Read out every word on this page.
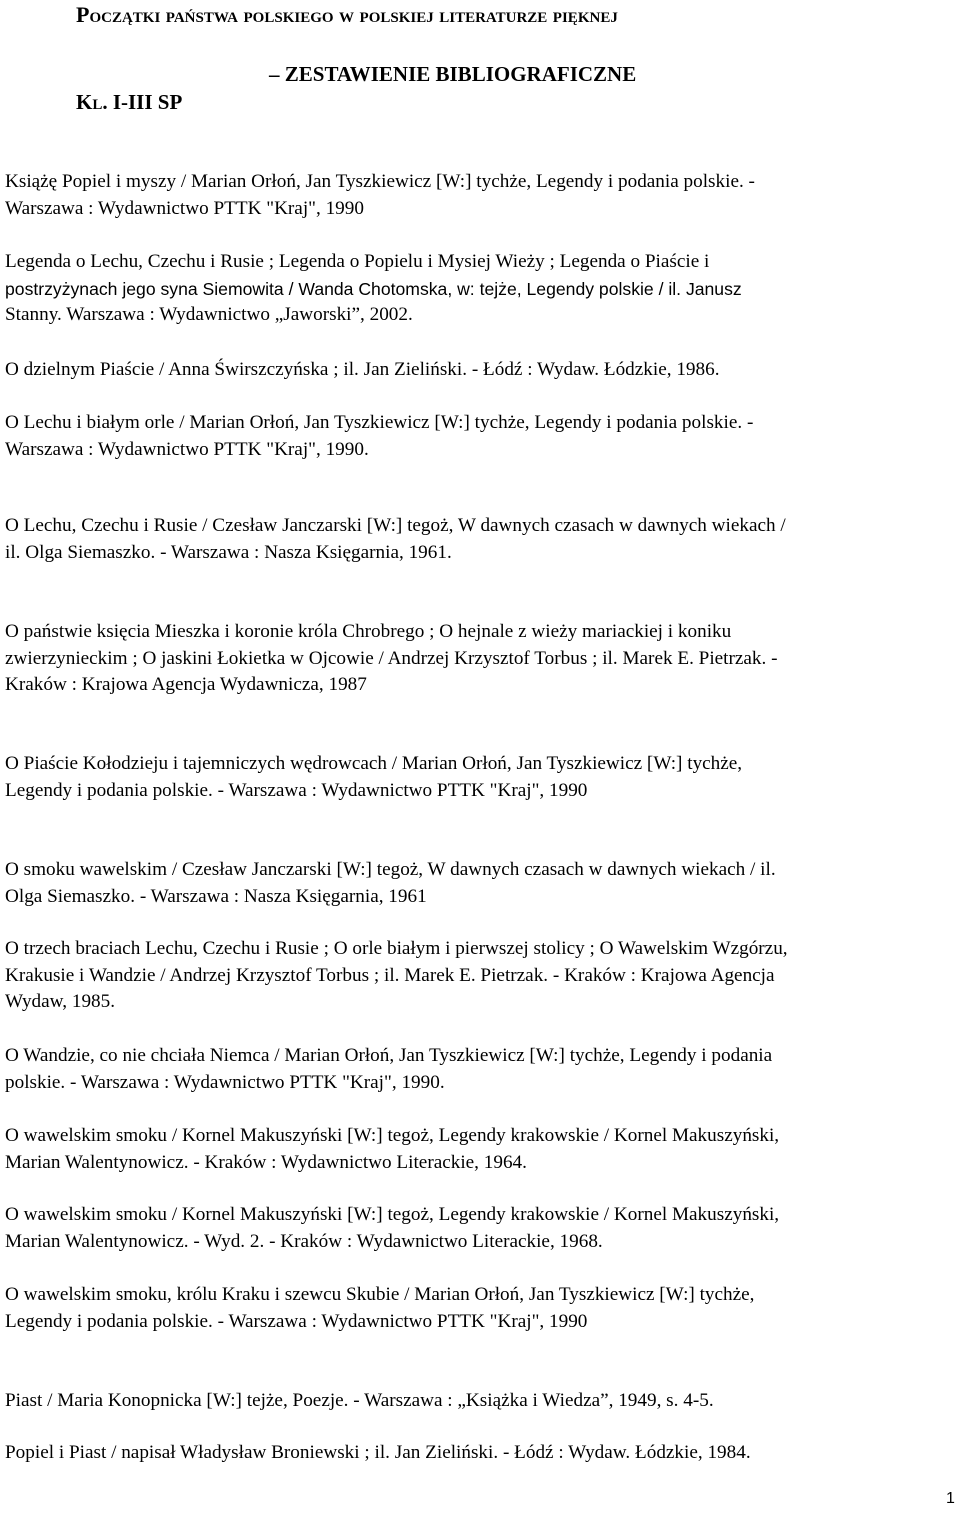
Początki państwa polskiego w polskiej literaturze pięknej
– ZESTAWIENIE BIBLIOGRAFICZNE
Kl. I-III SP
Książę Popiel i myszy / Marian Orłoń, Jan Tyszkiewicz [W:] tychże, Legendy i podania polskie. -
Warszawa : Wydawnictwo PTTK "Kraj", 1990
Legenda o Lechu, Czechu i Rusie ; Legenda o Popielu i Mysiej Wieży ; Legenda o Piaście i
postrzyżynach jego syna Siemowita / Wanda Chotomska, w: tejże, Legendy polskie / il. Janusz
Stanny. Warszawa : Wydawnictwo „Jaworski”, 2002.
O dzielnym Piaście / Anna Świrszczyńska ; il. Jan Zieliński. - Łódź : Wydaw. Łódzkie, 1986.
O Lechu i białym orle / Marian Orłoń, Jan Tyszkiewicz [W:] tychże, Legendy i podania polskie. -
Warszawa : Wydawnictwo PTTK "Kraj", 1990.
O Lechu, Czechu i Rusie / Czesław Janczarski [W:] tegoż, W dawnych czasach w dawnych wiekach /
il. Olga Siemaszko. - Warszawa : Nasza Księgarnia, 1961.
O państwie księcia Mieszka i koronie króla Chrobrego ; O hejnale z wieży mariackiej i koniku
zwierzynieckim ; O jaskini Łokietka w Ojcowie / Andrzej Krzysztof Torbus ; il. Marek E. Pietrzak. -
Kraków : Krajowa Agencja Wydawnicza, 1987
O Piaście Kołodzieju i tajemniczych wędrowcach / Marian Orłoń, Jan Tyszkiewicz [W:] tychże,
Legendy i podania polskie. - Warszawa : Wydawnictwo PTTK "Kraj", 1990
O smoku wawelskim / Czesław Janczarski [W:] tegoż, W dawnych czasach w dawnych wiekach / il.
Olga Siemaszko. - Warszawa : Nasza Księgarnia, 1961
O trzech braciach Lechu, Czechu i Rusie ; O orle białym i pierwszej stolicy ; O Wawelskim Wzgórzu,
Krakusie i Wandzie / Andrzej Krzysztof Torbus ; il. Marek E. Pietrzak. - Kraków : Krajowa Agencja
Wydaw, 1985.
O Wandzie, co nie chciała Niemca / Marian Orłoń, Jan Tyszkiewicz [W:] tychże, Legendy i podania
polskie. - Warszawa : Wydawnictwo PTTK "Kraj", 1990.
O wawelskim smoku / Kornel Makuszyński [W:] tegoż, Legendy krakowskie / Kornel Makuszyński,
Marian Walentynowicz. - Kraków : Wydawnictwo Literackie, 1964.
O wawelskim smoku / Kornel Makuszyński [W:] tegoż, Legendy krakowskie / Kornel Makuszyński,
Marian Walentynowicz. - Wyd. 2. - Kraków : Wydawnictwo Literackie, 1968.
O wawelskim smoku, królu Kraku i szewcu Skubie / Marian Orłoń, Jan Tyszkiewicz [W:] tychże,
Legendy i podania polskie. - Warszawa : Wydawnictwo PTTK "Kraj", 1990
Piast / Maria Konopnicka [W:] tejże, Poezje. - Warszawa : „Książka i Wiedza”, 1949, s. 4-5.
Popiel i Piast / napisał Władysław Broniewski ; il. Jan Zieliński. - Łódź : Wydaw. Łódzkie, 1984.
1
